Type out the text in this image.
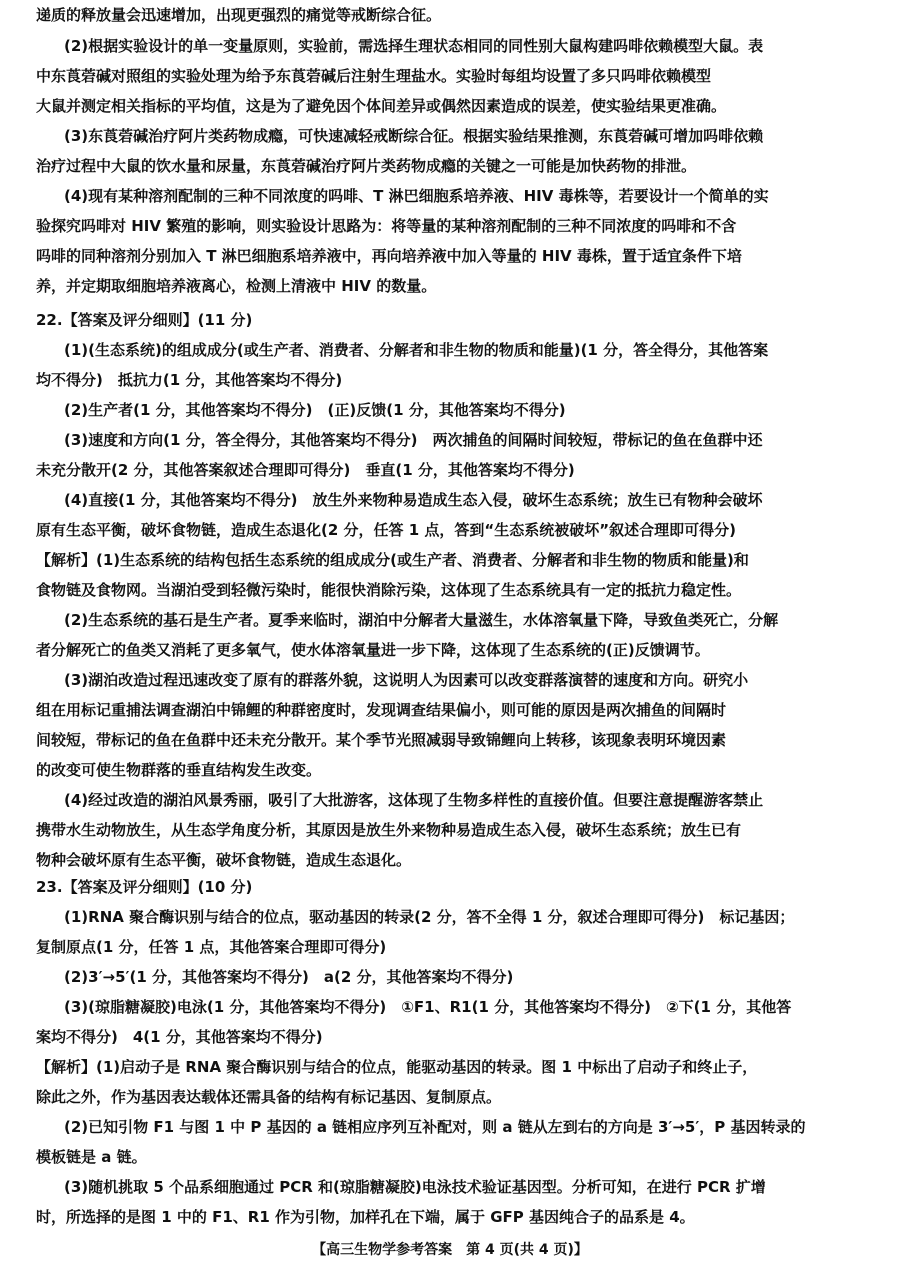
递质的释放量会迅速增加，出现更强烈的痛觉等戒断综合征。
(2)根据实验设计的单一变量原则，实验前，需选择生理状态相同的同性别大鼠构建吗啡依赖模型大鼠。表
中东莨菪碱对照组的实验处理为给予东莨菪碱后注射生理盐水。实验时每组均设置了多只吗啡依赖模型
大鼠并测定相关指标的平均值，这是为了避免因个体间差异或偶然因素造成的误差，使实验结果更准确。
(3)东莨菪碱治疗阿片类药物成瘾，可快速减轻戒断综合征。根据实验结果推测，东莨菪碱可增加吗啡依赖
治疗过程中大鼠的饮水量和尿量，东莨菪碱治疗阿片类药物成瘾的关键之一可能是加快药物的排泄。
(4)现有某种溶剂配制的三种不同浓度的吗啡、T 淋巴细胞系培养液、HIV 毒株等，若要设计一个简单的实
验探究吗啡对 HIV 繁殖的影响，则实验设计思路为：将等量的某种溶剂配制的三种不同浓度的吗啡和不含
吗啡的同种溶剂分别加入 T 淋巴细胞系培养液中，再向培养液中加入等量的 HIV 毒株，置于适宜条件下培
养，并定期取细胞培养液离心，检测上清液中 HIV 的数量。
22.【答案及评分细则】(11 分)
(1)(生态系统)的组成成分(或生产者、消费者、分解者和非生物的物质和能量)(1 分，答全得分，其他答案
均不得分)　抵抗力(1 分，其他答案均不得分)
(2)生产者(1 分，其他答案均不得分)　(正)反馈(1 分，其他答案均不得分)
(3)速度和方向(1 分，答全得分，其他答案均不得分)　两次捕鱼的间隔时间较短，带标记的鱼在鱼群中还
未充分散开(2 分，其他答案叙述合理即可得分)　垂直(1 分，其他答案均不得分)
(4)直接(1 分，其他答案均不得分)　放生外来物种易造成生态入侵，破坏生态系统；放生已有物种会破坏
原有生态平衡，破坏食物链，造成生态退化(2 分，任答 1 点，答到“生态系统被破坏”叙述合理即可得分)
【解析】(1)生态系统的结构包括生态系统的组成成分(或生产者、消费者、分解者和非生物的物质和能量)和
食物链及食物网。当湖泊受到轻微污染时，能很快消除污染，这体现了生态系统具有一定的抵抗力稳定性。
(2)生态系统的基石是生产者。夏季来临时，湖泊中分解者大量滋生，水体溶氧量下降，导致鱼类死亡，分解
者分解死亡的鱼类又消耗了更多氧气，使水体溶氧量进一步下降，这体现了生态系统的(正)反馈调节。
(3)湖泊改造过程迅速改变了原有的群落外貌，这说明人为因素可以改变群落演替的速度和方向。研究小
组在用标记重捕法调查湖泊中锦鲤的种群密度时，发现调查结果偏小，则可能的原因是两次捕鱼的间隔时
间较短，带标记的鱼在鱼群中还未充分散开。某个季节光照减弱导致锦鲤向上转移，该现象表明环境因素
的改变可使生物群落的垂直结构发生改变。
(4)经过改造的湖泊风景秀丽，吸引了大批游客，这体现了生物多样性的直接价值。但要注意提醒游客禁止
携带水生动物放生，从生态学角度分析，其原因是放生外来物种易造成生态入侵，破坏生态系统；放生已有
物种会破坏原有生态平衡，破坏食物链，造成生态退化。
23.【答案及评分细则】(10 分)
(1)RNA 聚合酶识别与结合的位点，驱动基因的转录(2 分，答不全得 1 分，叙述合理即可得分)　标记基因；
复制原点(1 分，任答 1 点，其他答案合理即可得分)
(2)3′→5′(1 分，其他答案均不得分)　a(2 分，其他答案均不得分)
(3)(琼脂糖凝胶)电泳(1 分，其他答案均不得分)　①F1、R1(1 分，其他答案均不得分)　②下(1 分，其他答
案均不得分)　4(1 分，其他答案均不得分)
【解析】(1)启动子是 RNA 聚合酶识别与结合的位点，能驱动基因的转录。图 1 中标出了启动子和终止子，
除此之外，作为基因表达载体还需具备的结构有标记基因、复制原点。
(2)已知引物 F1 与图 1 中 P 基因的 a 链相应序列互补配对，则 a 链从左到右的方向是 3′→5′，P 基因转录的
模板链是 a 链。
(3)随机挑取 5 个品系细胞通过 PCR 和(琼脂糖凝胶)电泳技术验证基因型。分析可知，在进行 PCR 扩增
时，所选择的是图 1 中的 F1、R1 作为引物，加样孔在下端，属于 GFP 基因纯合子的品系是 4。
【高三生物学参考答案　第 4 页(共 4 页)】
